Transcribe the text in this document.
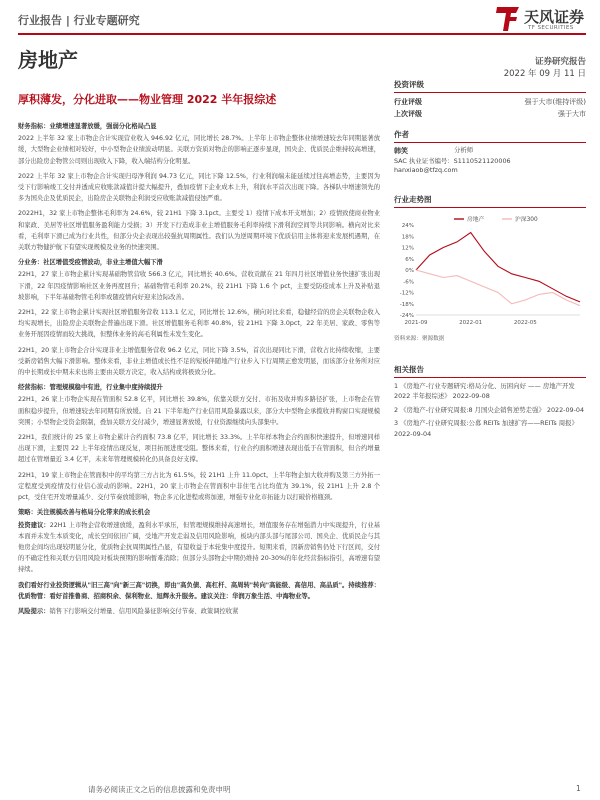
行业报告 | 行业专题研究	天风证券
TF SECURITIES
房地产	证券研究报告
2022 年 09 月 11 日
厚积薄发，分化进取——物业管理 2022 半年报综述

财务指标：业绩增速显著放缓，强弱分化格局凸显

2022 上半年 32 家上市物企合计实现营业收入 946.92 亿元，同比增长 28.7%。上半年上市物企整体业绩增速较去年同期显著放缓，大型物企业绩相对较好，中小型物企业绩波动明显。关联方资质对物企的影响正逐步显现，国央企、优质民企维持较高增速，部分出险房企物管公司则出现收入下降，收入端结构分化明显。

2022 上半年 32 家上市物企合计实现归母净利润 94.73 亿元，同比下降 12.5%，行业利润端未能延续过往高增态势，主要因为受下行影响竣工交付并透成应收账款减值计提大幅提升，叠加疫情下企业成本上升，利润水平首次出现下降。各梯队中增速领先的多为国央企及优质民企，出险房企关联物企利润受应收账款减值侵蚀严重。

2022H1，32 家上市物企整体毛利率为 24.6%，较 21H1 下降 3.1pct。主要受 1）疫情下成本开支增加；2）疫情致使商业物业和家政、美居等社区增值服务盈利能力受损；3）开发下行造成非业主增值服务毛利率持续下滑利润空间等共同影响。横向对比来看，毛利率下滑已成为行业共性，但部分央企表现出较强抗周期属性。我们认为逆周期环境下优质信用主体将迎来发展机遇期，在关联方物健护航下有望实现规模及业务的快速突围。

分业务：社区增值受疫情波动，非业主增值大幅下滑

22H1，27 家上市物企累计实现基础物管营收 566.3 亿元，同比增长 40.6%。营收贡献在 21 年四月社区增值业务快速扩张出现下滑，22 年因疫情影响社区业务再度回升；基础物管毛利率 20.2%，较 21H1 下降 1.6 个 pct，主要受防疫成本上升及补贴退坡影响，下半年基础物管毛利率或随疫情向好迎来边际改善。

22H1，22 家上市物企累计实现社区增值服务营收 113.1 亿元，同比增长 12.6%，横向对比来看，稳健经营的房企关联物企收入均实现增长，出险房企关联物企普遍出现下滑。社区增值服务毛利率 40.8%，较 21H1 下降 3.0pct，22 年美居、家政、零售等业务开展因疫情而较大挑战，但整体业务的高毛利属性未发生变化。

22H1，20 家上市物企合计实现非业主增值服务营收 96.2 亿元，同比下降 3.5%，首次出现同比下滑，营收占比持续收缩，主要受新房销售大幅下滑影响。整体来看，非业主增值或长性不足的短板伴随地产行业步入下行周期正愈发明显，而该部分业务所对应的中长期或长中期未来也将主要由关联方决定，收入结构或将极致分化。

经营指标：管理规模稳中有进，行业集中度持续提升

22H1，26 家上市物企实现在管面积 52.8 亿平，同比增长 39.8%，依靠关联方交付、市拓及收并购多路径扩张，上市物企在管面积稳步提升，但增速较去年同期有所放缓。自 21 下半年地产行业信用风险暴露以来，部分大中型物企承揽收并购窗口实现规模突围；小型物企受资金限制，叠加关联方交付减少，增速显著放缓，行业资源继续向头部集中。

22H1，我们统计的 25 家上市物企累计合约面积 73.8 亿平，同比增长 33.3%。上半年样本物企合约面积快速提升，但增速同样出现下滑，主要因 22 上半年疫情出现反复，项目拓展进度受阻。整体来看，行业合约面积增速表现出低于在管面积，但合约增量超过在管增量近 3.4 亿平，未来年管理规模转化仍具备良好支撑。

22H1，19 家上市物企在管面积中的平均第三方占比为 61.5%，较 21H1 上升 11.0pct。上半年物企加大收并购及第三方外拓一定程度受到疫情及行业信心波动的影响。22H1，20 家上市物企在管面积中非住宅占比均值为 39.1%，较 21H1 上升 2.8 个 pct，受住宅开发增量减少、交付节奏放缓影响，物企多元化进程或将加速，增强专业化市拓能力以打破价格瓶颈。

策略：关注规模改善与格局分化带来的成长机会

投资建议：22H1 上市物企营收增速放缓，盈利水平承压，但管理规模维持高速增长，增值服务存在增强潜力中实现提升，行业基本面并未发生本质变化，成长空间依旧广阔，受地产开发走弱及信用风险影响，板块内部头部与尾部公司、国央企、优质民企与其他房企间均出现较明显分化，优质物企抗周期属性凸显，有望收益于本轮集中度提升。短期来看，因新房销售仍处下行区间，交付的不确定性和关联方信用风险对板块预期的影响暂难消除；但部分头部物企中期仍维持 20-30%的年化经营指标指引，高增速有望持续。

我们看好行业投资逻辑从"旧三高"向"新三高"切换，即由"高负债、高杠杆、高周转"转向"高能级、高信用、高品质"。持续推荐：优质物管：看好首推鲁商、招商积余、保利物业、旭辉永升服务。建议关注：华润万象生活、中海物业等。

风险提示：销售下行影响交付增量、信用风险暴征影响交付节奏、政策调控收紧

投资评级
行业评级	强于大市(维持评级)
上次评级	强于大市
作者
韩笑	分析师
SAC 执业证书编号：S1110521120006
hanxiaob@tfzq.com
行业走势图
24%
18%
12%
6%
0%
-6%
-12%
-18%
-24%
2021-09	2022-01	2022-05
房地产	沪深300
资料来源：聚源数据
相关报告

1 《房地产-行业专题研究:格局分化、历困向好 —— 房地产开发 2022 半年报综述》 2022-09-08

2 《房地产-行业研究周报:8 月国央企销售逆势走强》 2022-09-04

3 《房地产-行业研究周报:公募 REITs 加速扩容——REITs 周报》 2022-09-04

请务必阅读正文之后的信息披露和免责申明	1
